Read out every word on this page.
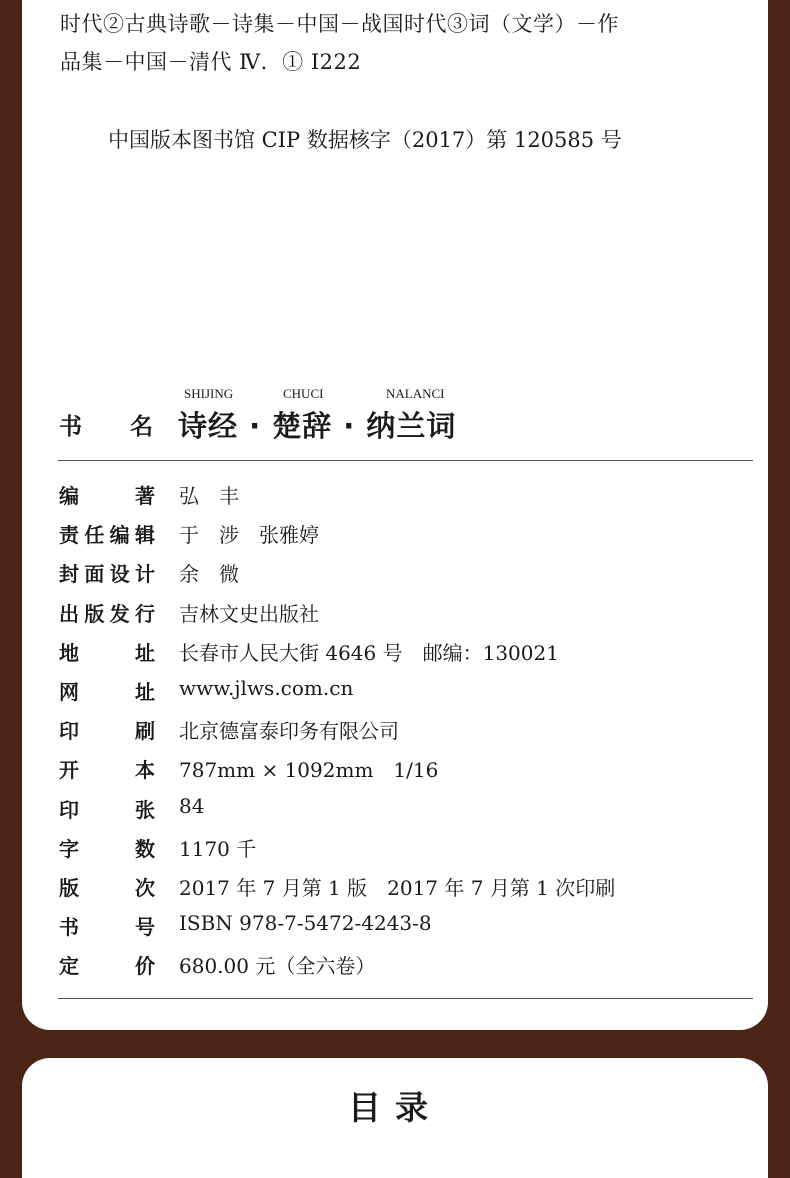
时代②古典诗歌－诗集－中国－战国时代③词（文学）－作
品集－中国－清代 Ⅳ．① I222
中国版本图书馆 CIP 数据核字（2017）第 120585 号
SHIJING	CHUCI	NALANCI
书 名 诗经 · 楚辞 · 纳兰词
编	著 弘　丰
责 任 编 辑 于　涉　张雅婷
封 面 设 计 余　微
出 版 发 行 吉林文史出版社
地	址 长春市人民大街 4646 号　邮编：130021
网	址 www.jlws.com.cn
印	刷 北京德富泰印务有限公司
开	本 787mm × 1092mm　1/16
印	张 84
字	数 1170 千
版	次 2017 年 7 月第 1 版　2017 年 7 月第 1 次印刷
书	号 ISBN 978-7-5472-4243-8
定	价 680.00 元（全六卷）
目录
